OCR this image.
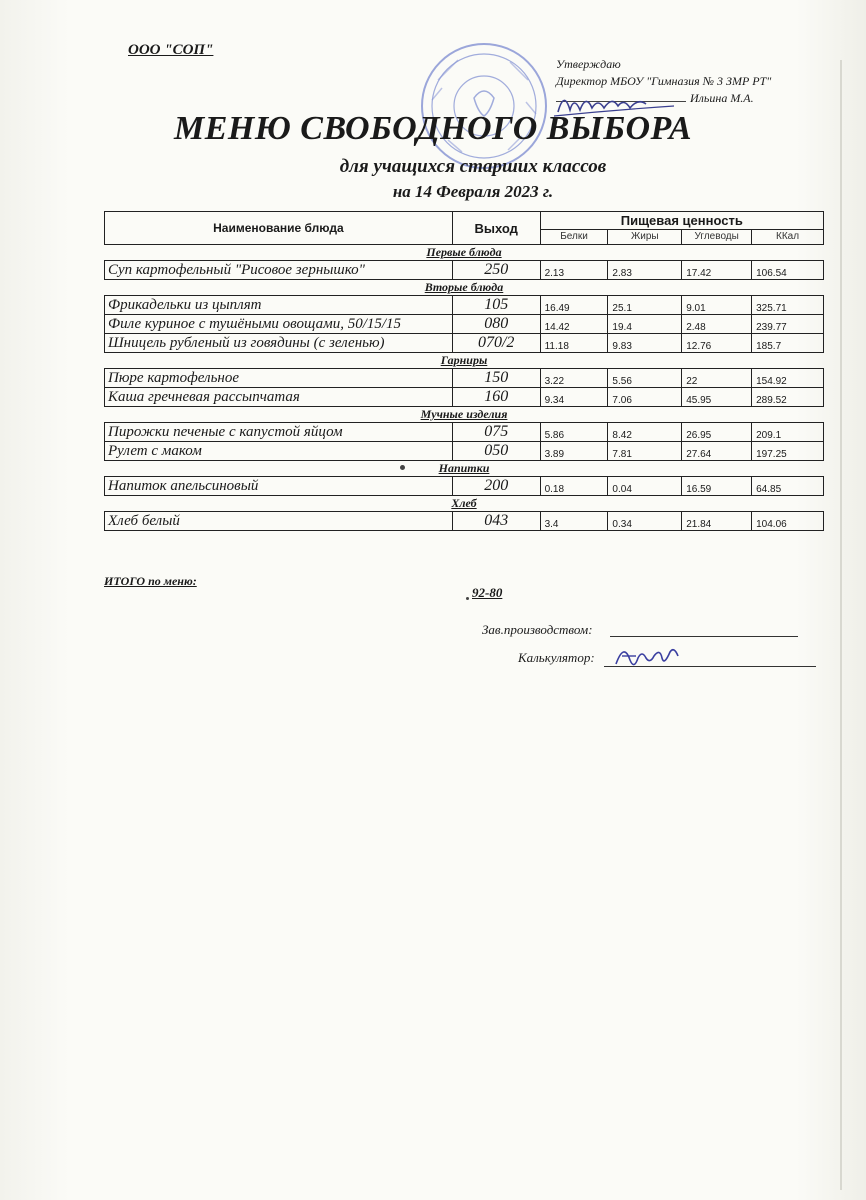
ООО "СОП"
Утверждаю
Директор МБОУ "Гимназия № 3 ЗМР РТ"
Ильина М.А.
МЕНЮ СВОБОДНОГО ВЫБОРА
для учащихся старших классов
на 14 Февраля 2023 г.
Наименование блюда	Выход	Пищевая ценность			
		Белки	Жиры	Углеводы	ККал
Первые блюда					
Суп картофельный "Рисовое зернышко"	250	2.13	2.83	17.42	106.54
Вторые блюда					
Фрикадельки из цыплят	105	16.49	25.1	9.01	325.71
Филе куриное с тушёными овощами, 50/15/15	080	14.42	19.4	2.48	239.77
Шницель рубленый из говядины (с зеленью)	070/2	11.18	9.83	12.76	185.7
Гарниры					
Пюре картофельное	150	3.22	5.56	22	154.92
Каша гречневая рассыпчатая	160	9.34	7.06	45.95	289.52
Мучные изделия					
Пирожки печеные с капустой яйцом	075	5.86	8.42	26.95	209.1
Рулет с маком	050	3.89	7.81	27.64	197.25
Напитки					
Напиток апельсиновый	200	0.18	0.04	16.59	64.85
Хлеб					
Хлеб белый	043	3.4	0.34	21.84	104.06
ИТОГО по меню:
92-80
Зав.производством:
Калькулятор:
